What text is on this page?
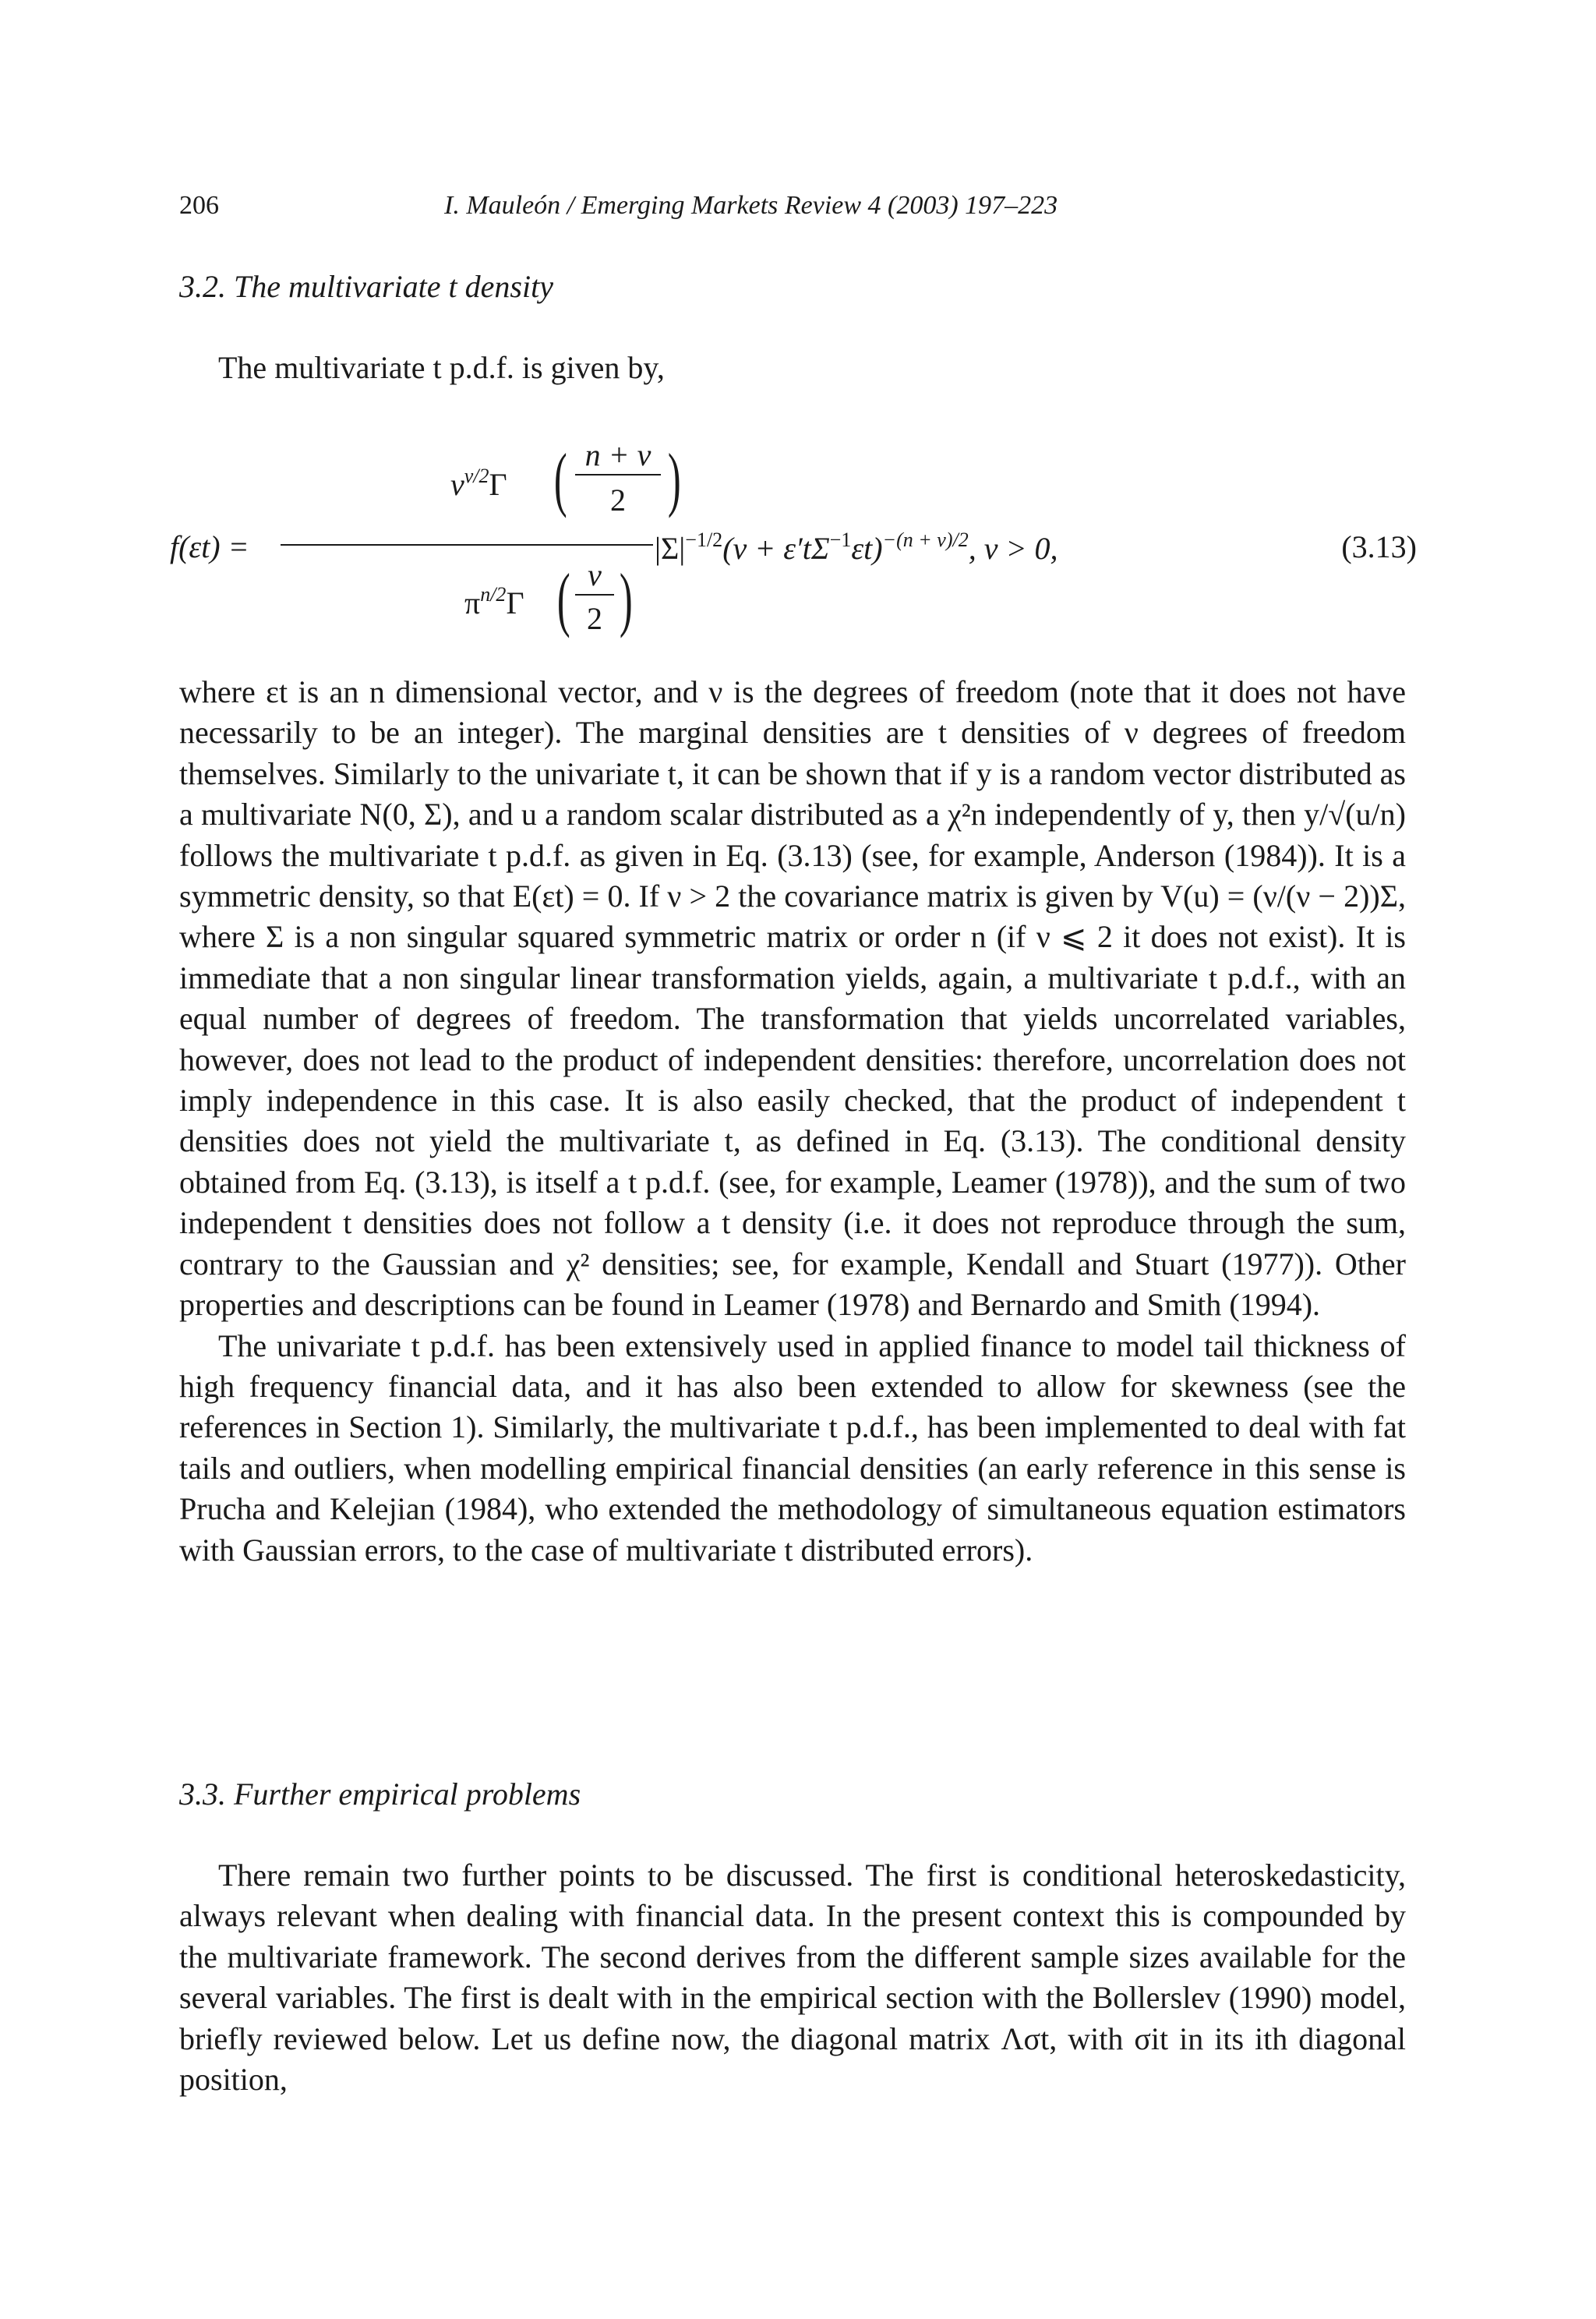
206	I. Mauleón / Emerging Markets Review 4 (2003) 197–223
3.2. The multivariate t density
The multivariate t p.d.f. is given by,
f(εt) =
$\nu^{\nu/2}\Gamma$ ( n + ν
2 )
$\pi^{n/2}\Gamma$ ( ν
2 )
$|\Sigma|^{-1/2}(\nu + \varepsilon't\Sigma^{-1}\varepsilon t)^{-(n + \nu)/2}$, ν > 0,	(3.13)

where εt is an n dimensional vector, and ν is the degrees of freedom (note that it does not have necessarily to be an integer). The marginal densities are t densities of ν degrees of freedom themselves. Similarly to the univariate t, it can be shown that if y is a random vector distributed as a multivariate N(0, Σ), and u a random scalar distributed as a χ²n independently of y, then y/√(u/n) follows the multivariate t p.d.f. as given in Eq. (3.13) (see, for example, Anderson (1984)). It is a symmetric density, so that E(εt) = 0. If ν > 2 the covariance matrix is given by V(u) = (ν/(ν − 2))Σ, where Σ is a non singular squared symmetric matrix or order n (if ν ⩽ 2 it does not exist). It is immediate that a non singular linear transformation yields, again, a multivariate t p.d.f., with an equal number of degrees of freedom. The transformation that yields uncorrelated variables, however, does not lead to the product of independent densities: therefore, uncorrelation does not imply independence in this case. It is also easily checked, that the product of independent t densities does not yield the multivariate t, as defined in Eq. (3.13). The conditional density obtained from Eq. (3.13), is itself a t p.d.f. (see, for example, Leamer (1978)), and the sum of two independent t densities does not follow a t density (i.e. it does not reproduce through the sum, contrary to the Gaussian and χ² densities; see, for example, Kendall and Stuart (1977)). Other properties and descriptions can be found in Leamer (1978) and Bernardo and Smith (1994).

The univariate t p.d.f. has been extensively used in applied finance to model tail thickness of high frequency financial data, and it has also been extended to allow for skewness (see the references in Section 1). Similarly, the multivariate t p.d.f., has been implemented to deal with fat tails and outliers, when modelling empirical financial densities (an early reference in this sense is Prucha and Kelejian (1984), who extended the methodology of simultaneous equation estimators with Gaussian errors, to the case of multivariate t distributed errors).

3.3. Further empirical problems

There remain two further points to be discussed. The first is conditional heteroskedasticity, always relevant when dealing with financial data. In the present context this is compounded by the multivariate framework. The second derives from the different sample sizes available for the several variables. The first is dealt with in the empirical section with the Bollerslev (1990) model, briefly reviewed below. Let us define now, the diagonal matrix Λσt, with σit in its ith diagonal position,
